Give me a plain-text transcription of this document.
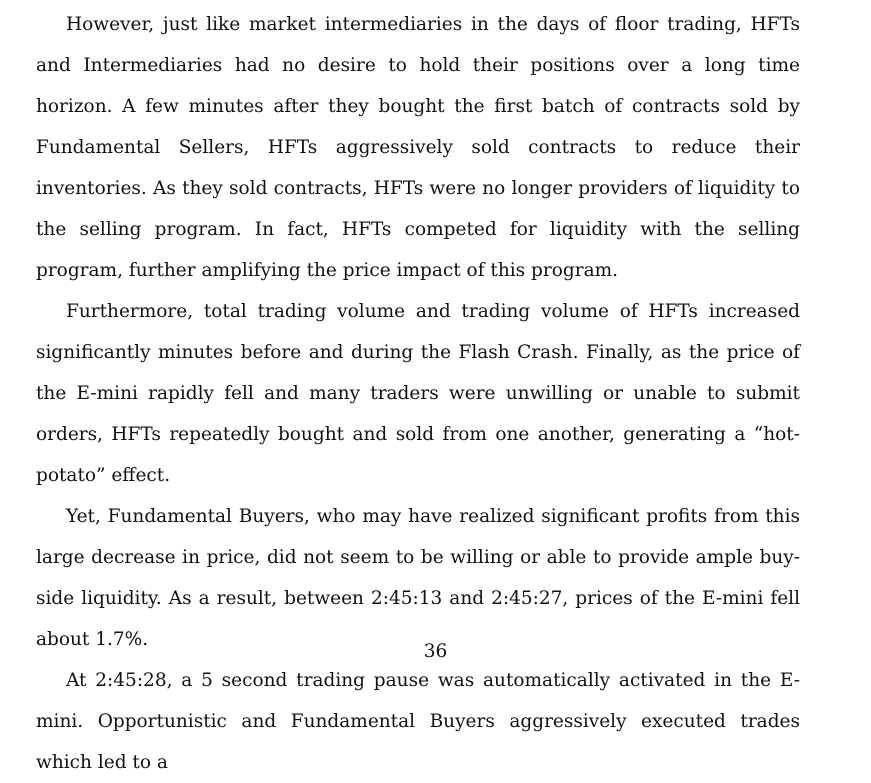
However, just like market intermediaries in the days of floor trading, HFTs and Intermediaries had no desire to hold their positions over a long time horizon. A few minutes after they bought the first batch of contracts sold by Fundamental Sellers, HFTs aggressively sold contracts to reduce their inventories. As they sold contracts, HFTs were no longer providers of liquidity to the selling program. In fact, HFTs competed for liquidity with the selling program, further amplifying the price impact of this program.

Furthermore, total trading volume and trading volume of HFTs increased significantly minutes before and during the Flash Crash. Finally, as the price of the E-mini rapidly fell and many traders were unwilling or unable to submit orders, HFTs repeatedly bought and sold from one another, generating a “hot-potato” effect.

Yet, Fundamental Buyers, who may have realized significant profits from this large decrease in price, did not seem to be willing or able to provide ample buy-side liquidity. As a result, between 2:45:13 and 2:45:27, prices of the E-mini fell about 1.7%.

At 2:45:28, a 5 second trading pause was automatically activated in the E-mini. Opportunistic and Fundamental Buyers aggressively executed trades which led to a

36
